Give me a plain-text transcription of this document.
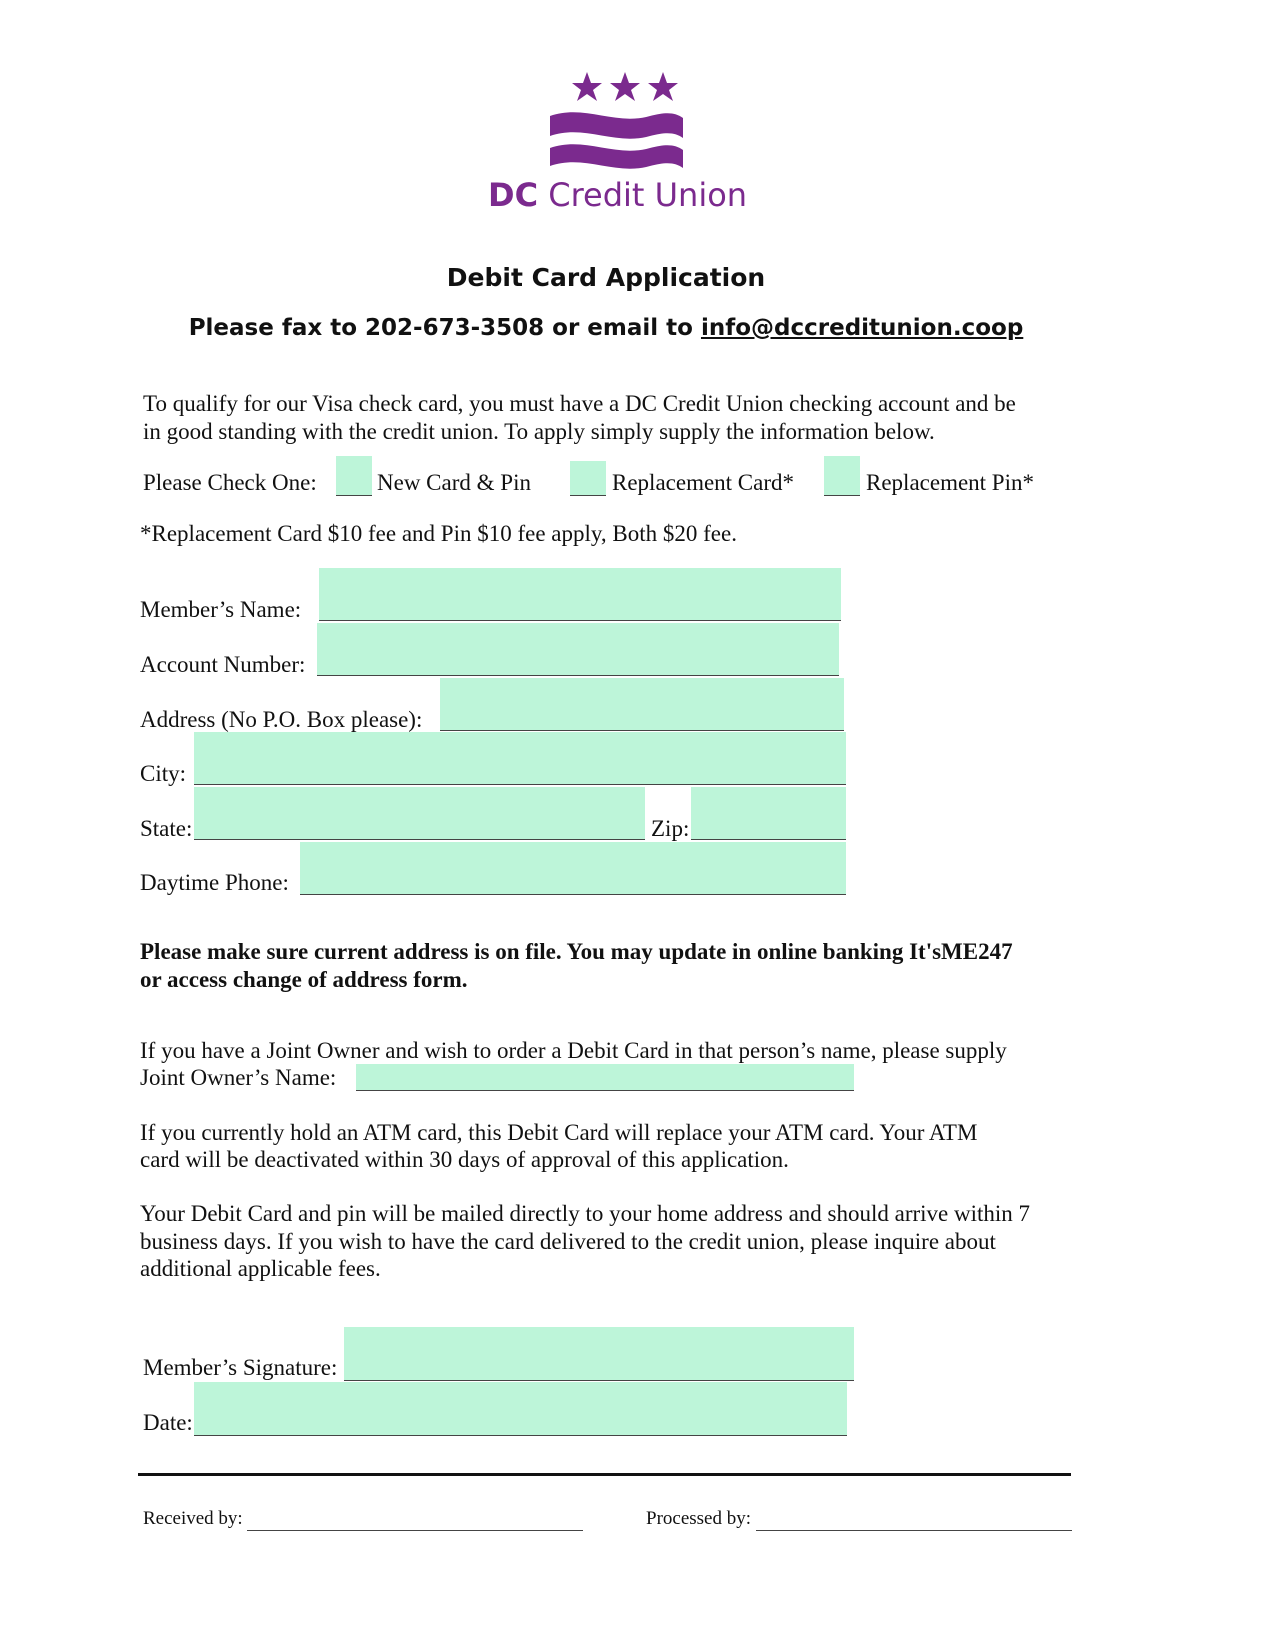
DC Credit Union
Debit Card Application
Please fax to 202-673-3508 or email to info@dccreditunion.coop
To qualify for our Visa check card, you must have a DC Credit Union checking account and be
in good standing with the credit union. To apply simply supply the information below.
Please Check One:	New Card & Pin	Replacement Card*	Replacement Pin*
*Replacement Card $10 fee and Pin $10 fee apply, Both $20 fee.
Member’s Name:
Account Number:
Address (No P.O. Box please):
City:
State:	Zip:
Daytime Phone:
Please make sure current address is on file. You may update in online banking It'sME247
or access change of address form.
If you have a Joint Owner and wish to order a Debit Card in that person’s name, please supply
Joint Owner’s Name:
If you currently hold an ATM card, this Debit Card will replace your ATM card. Your ATM
card will be deactivated within 30 days of approval of this application.
Your Debit Card and pin will be mailed directly to your home address and should arrive within 7
business days. If you wish to have the card delivered to the credit union, please inquire about
additional applicable fees.
Member’s Signature:
Date:
Received by:	Processed by:
